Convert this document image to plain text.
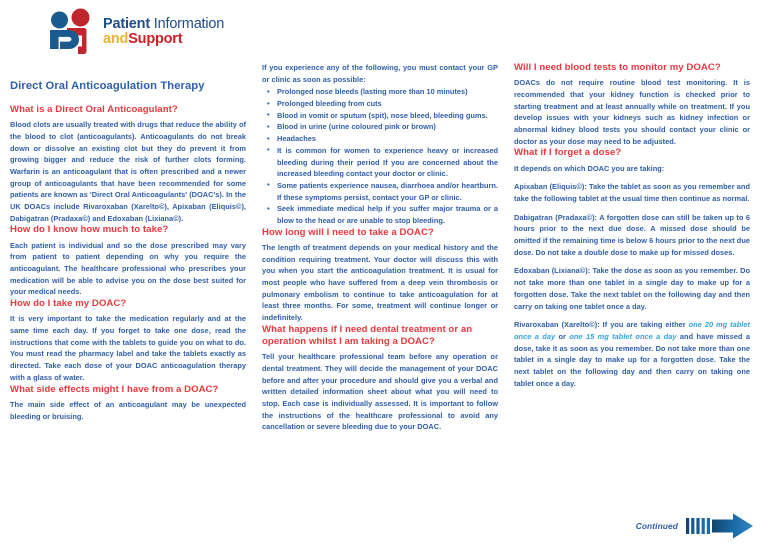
Patient Information
andSupport
Direct Oral Anticoagulation Therapy
What is a Direct Oral Anticoagulant?

Blood clots are usually treated with drugs that reduce the ability of the blood to clot (anticoagulants). Anticoagulants do not break down or dissolve an existing clot but they do prevent it from growing bigger and reduce the risk of further clots forming. Warfarin is an anticoagulant that is often prescribed and a newer group of anticoagulants that have been recommended for some patients are known as 'Direct Oral Anticoagulants' (DOAC's). In the UK DOACs include Rivaroxaban (Xarelto©), Apixaban (Eliquis©), Dabigatran (Pradaxa©) and Edoxaban (Lixiana©).

How do I know how much to take?

Each patient is individual and so the dose prescribed may vary from patient to patient depending on why you require the anticoagulant. The healthcare professional who prescribes your medication will be able to advise you on the dose best suited for your medical needs.

How do I take my DOAC?

It is very important to take the medication regularly and at the same time each day. If you forget to take one dose, read the instructions that come with the tablets to guide you on what to do. You must read the pharmacy label and take the tablets exactly as directed. Take each dose of your DOAC anticoagulation therapy with a glass of water.

What side effects might I have from a DOAC?

The main side effect of an anticoagulant may be unexpected bleeding or bruising.

If you experience any of the following, you must contact your GP or clinic as soon as possible:

• Prolonged nose bleeds (lasting more than 10 minutes)
• Prolonged bleeding from cuts
• Blood in vomit or sputum (spit), nose bleed, bleeding gums.
• Blood in urine (urine coloured pink or brown)
• Headaches
• It is common for women to experience heavy or increased bleeding during their period If you are concerned about the increased bleeding contact your doctor or clinic.
• Some patients experience nausea, diarrhoea and/or heartburn. If these symptoms persist, contact your GP or clinic.
• Seek immediate medical help if you suffer major trauma or a blow to the head or are unable to stop bleeding.
How long will I need to take a DOAC?

The length of treatment depends on your medical history and the condition requiring treatment. Your doctor will discuss this with you when you start the anticoagulation treatment. It is usual for most people who have suffered from a deep vein thrombosis or pulmonary embolism to continue to take anticoagulation for at least three months. For some, treatment will continue longer or indefinitely.

What happens if I need dental treatment or an operation whilst I am taking a DOAC?

Tell your healthcare professional team before any operation or dental treatment. They will decide the management of your DOAC before and after your procedure and should give you a verbal and written detailed information sheet about what you will need to stop. Each case is individually assessed. It is important to follow the instructions of the healthcare professional to avoid any cancellation or severe bleeding due to your DOAC.

Will I need blood tests to monitor my DOAC?

DOACs do not require routine blood test monitoring. It is recommended that your kidney function is checked prior to starting treatment and at least annually while on treatment. If you develop issues with your kidneys such as kidney infection or abnormal kidney blood tests you should contact your clinic or doctor as your dose may need to be adjusted.

What if I forget a dose?

It depends on which DOAC you are taking:

Apixaban (Eliquis©): Take the tablet as soon as you remember and take the following tablet at the usual time then continue as normal.

Dabigatran (Pradaxa©): A forgotten dose can still be taken up to 6 hours prior to the next due dose. A missed dose should be omitted if the remaining time is below 6 hours prior to the next due dose. Do not take a double dose to make up for missed doses.

Edoxaban (Lixiana©): Take the dose as soon as you remember. Do not take more than one tablet in a single day to make up for a forgotten dose. Take the next tablet on the following day and then carry on taking one tablet once a day.

Rivaroxaban (Xarelto©): If you are taking either one 20 mg tablet once a day or one 15 mg tablet once a day and have missed a dose, take it as soon as you remember. Do not take more than one tablet in a single day to make up for a forgotten dose. Take the next tablet on the following day and then carry on taking one tablet once a day.

Continued
